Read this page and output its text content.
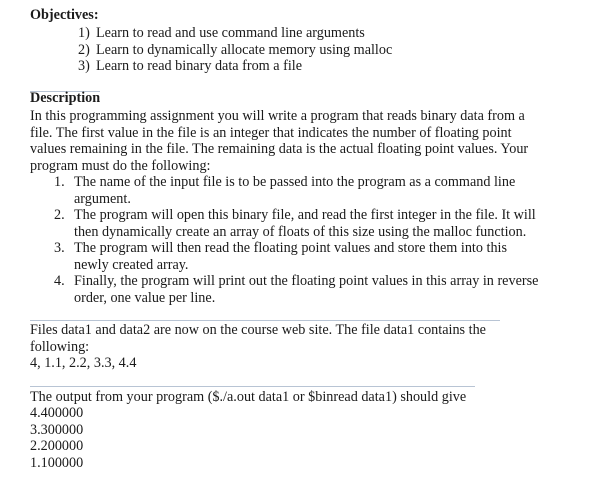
Objectives:
Description
The output from your program ($./a.out data1 or $binread data1) should give
1) Learn to read and use command line arguments
2) Learn to dynamically allocate memory using malloc
3) Learn to read binary data from a file
In this programming assignment you will write a program that reads binary data from a
file. The first value in the file is an integer that indicates the number of floating point
values remaining in the file. The remaining data is the actual floating point values. Your
program must do the following:
1. The name of the input file is to be passed into the program as a command line
argument.
2. The program will open this binary file, and read the first integer in the file. It will
then dynamically create an array of floats of this size using the malloc function.
3. The program will then read the floating point values and store them into this
newly created array.
4. Finally, the program will print out the floating point values in this array in reverse
order, one value per line.
Files data1 and data2 are now on the course web site. The file data1 contains the
following:
4, 1.1, 2.2, 3.3, 4.4
4.400000
3.300000
2.200000
1.100000
